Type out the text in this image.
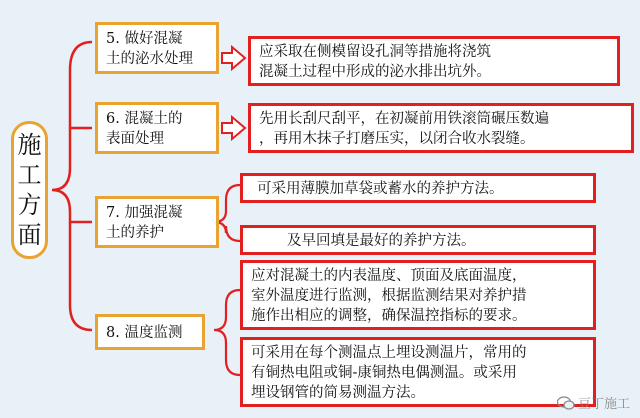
施
工
方
面
5. 做好混凝
土的泌水处理
6. 混凝土的
表面处理
7. 加强混凝
土的养护
8. 温度监测
应采取在侧模留设孔洞等措施将浇筑
混凝土过程中形成的泌水排出坑外。
先用长刮尺刮平，在初凝前用铁滚筒碾压数遍
，再用木抹子打磨压实，以闭合收水裂缝。
可采用薄膜加草袋或蓄水的养护方法。
及早回填是最好的养护方法。
应对混凝土的内表温度、顶面及底面温度，
室外温度进行监测，根据监测结果对养护措
施作出相应的调整，确保温控指标的要求。
可采用在每个测温点上埋设测温片，常用的
有铜热电阻或铜-康铜热电偶测温。或采用
埋设钢管的简易测温方法。
豆丁施工
